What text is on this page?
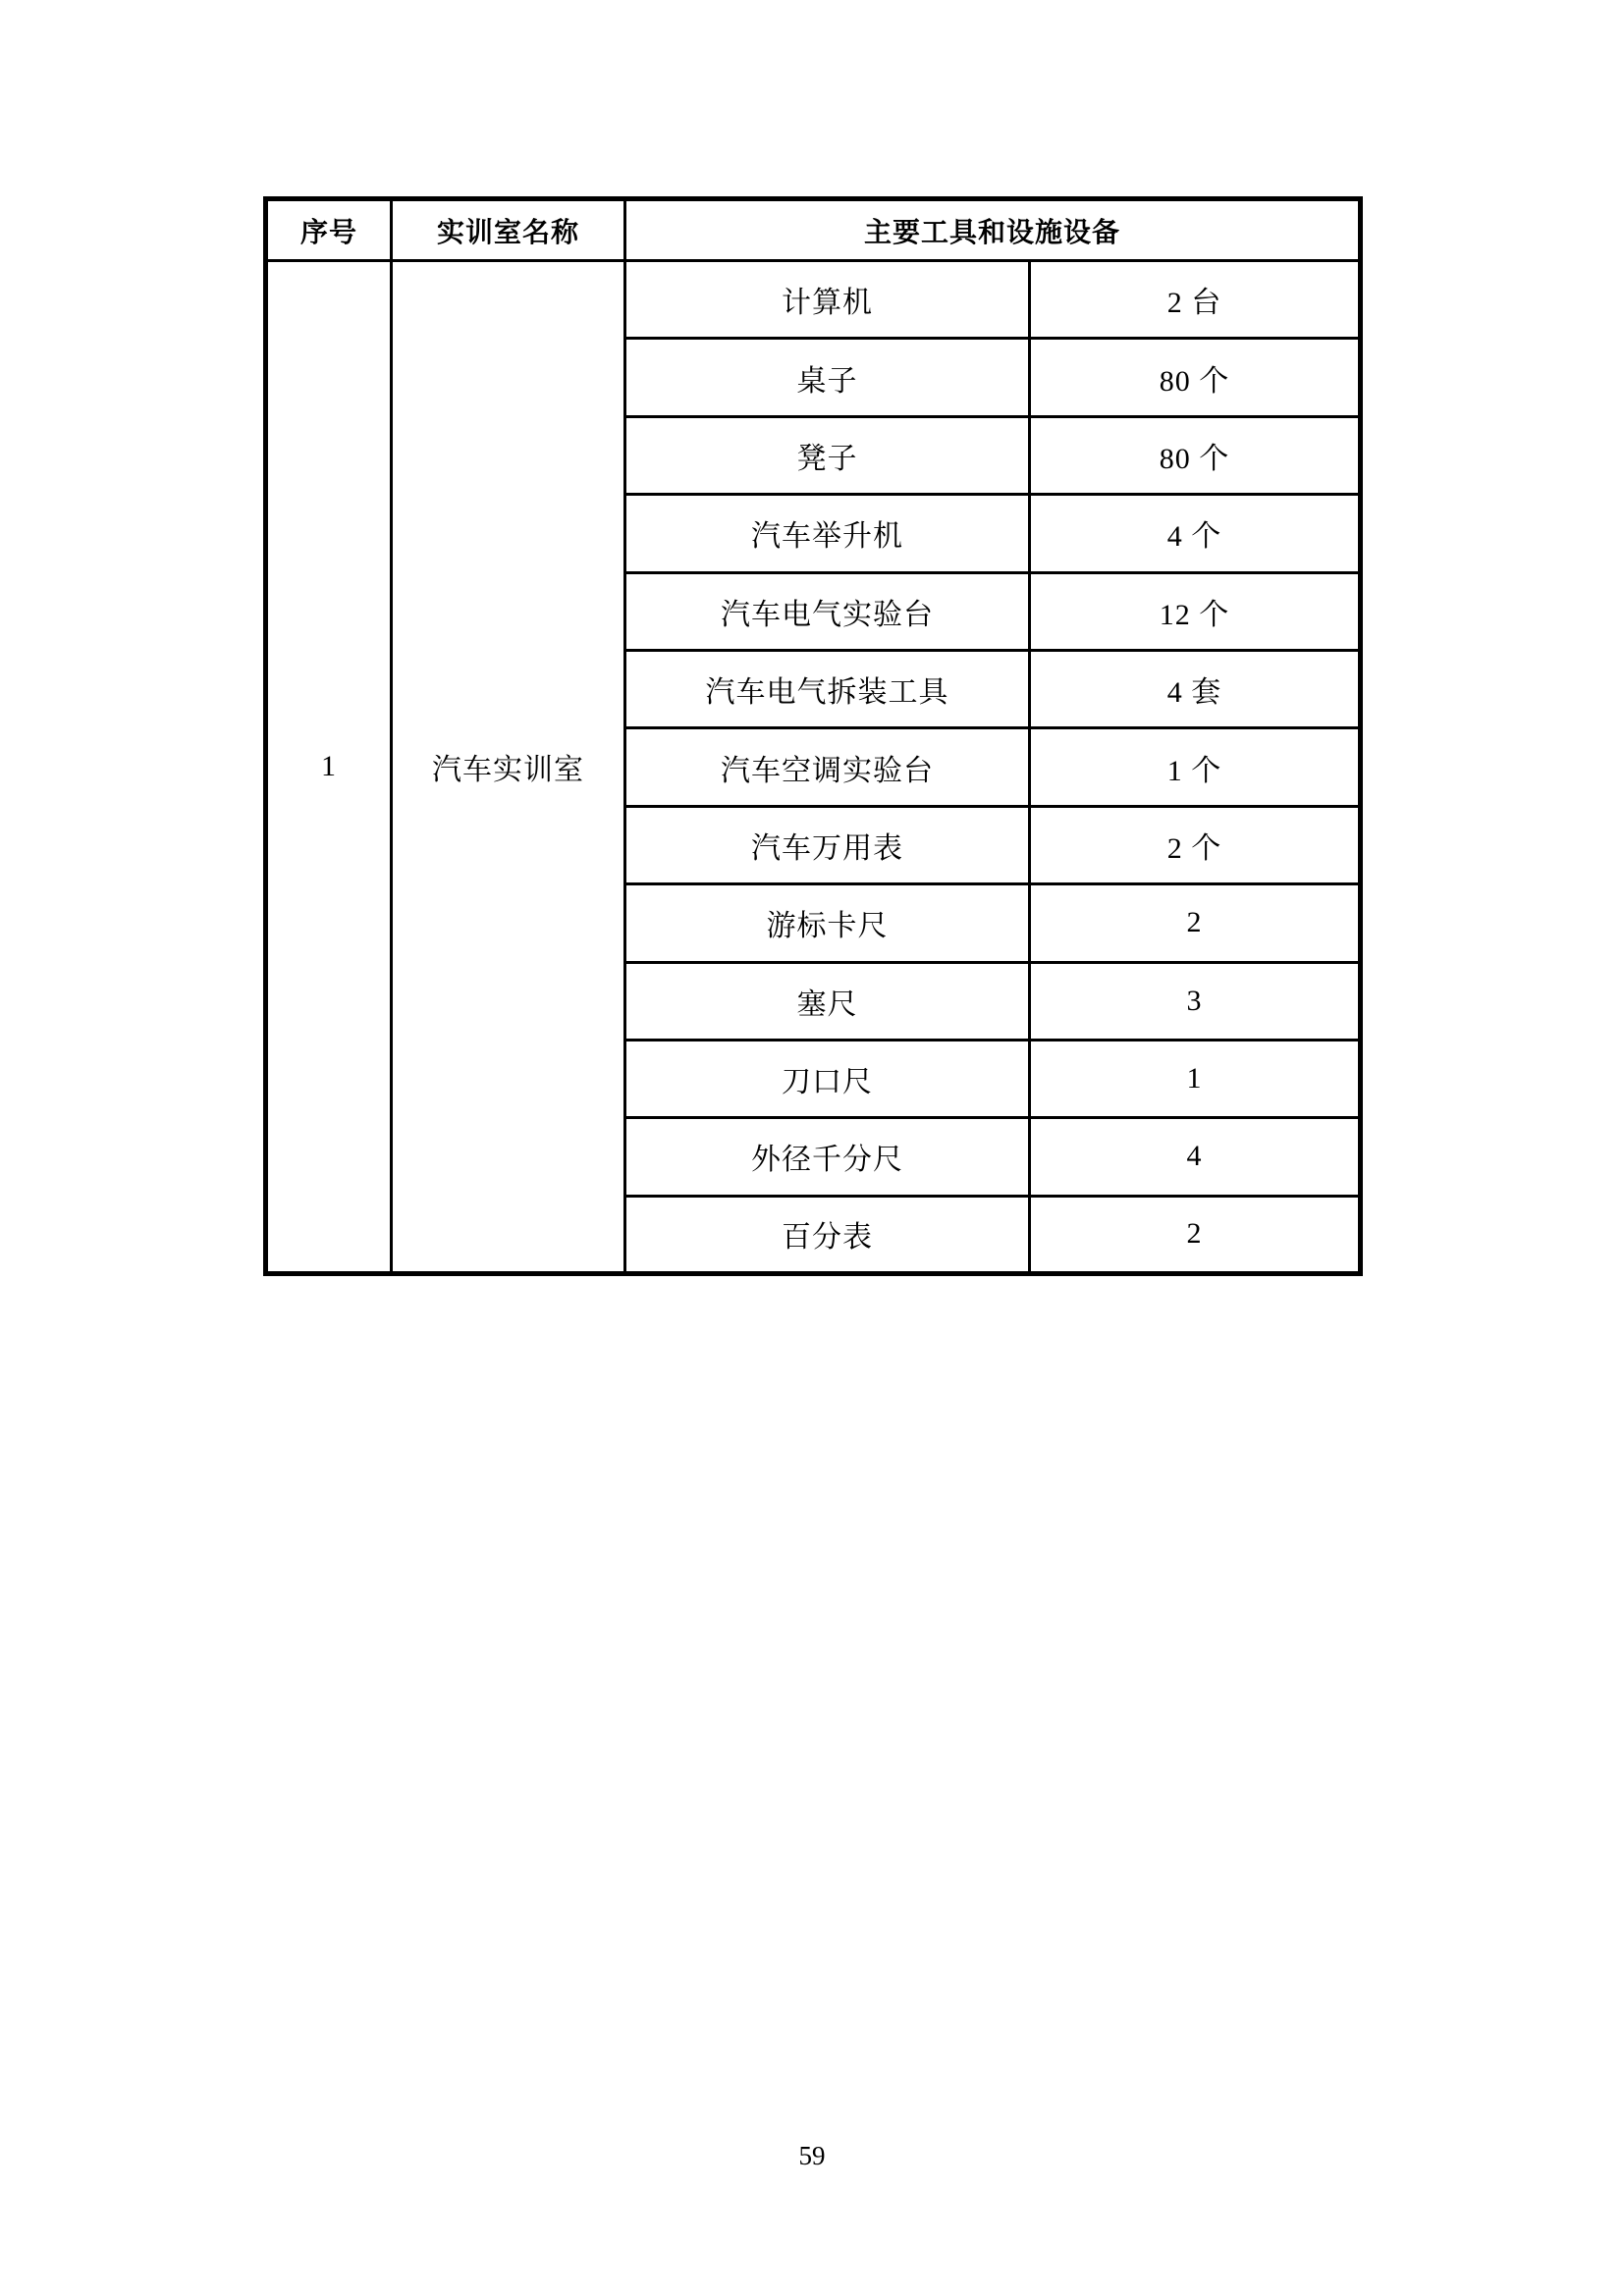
序号	实训室名称	主要工具和设施设备	
1	汽车实训室	计算机	2 台
		桌子	80 个
		凳子	80 个
		汽车举升机	4 个
		汽车电气实验台	12 个
		汽车电气拆装工具	4 套
		汽车空调实验台	1 个
		汽车万用表	2 个
		游标卡尺	2
		塞尺	3
		刀口尺	1
		外径千分尺	4
		百分表	2
59
